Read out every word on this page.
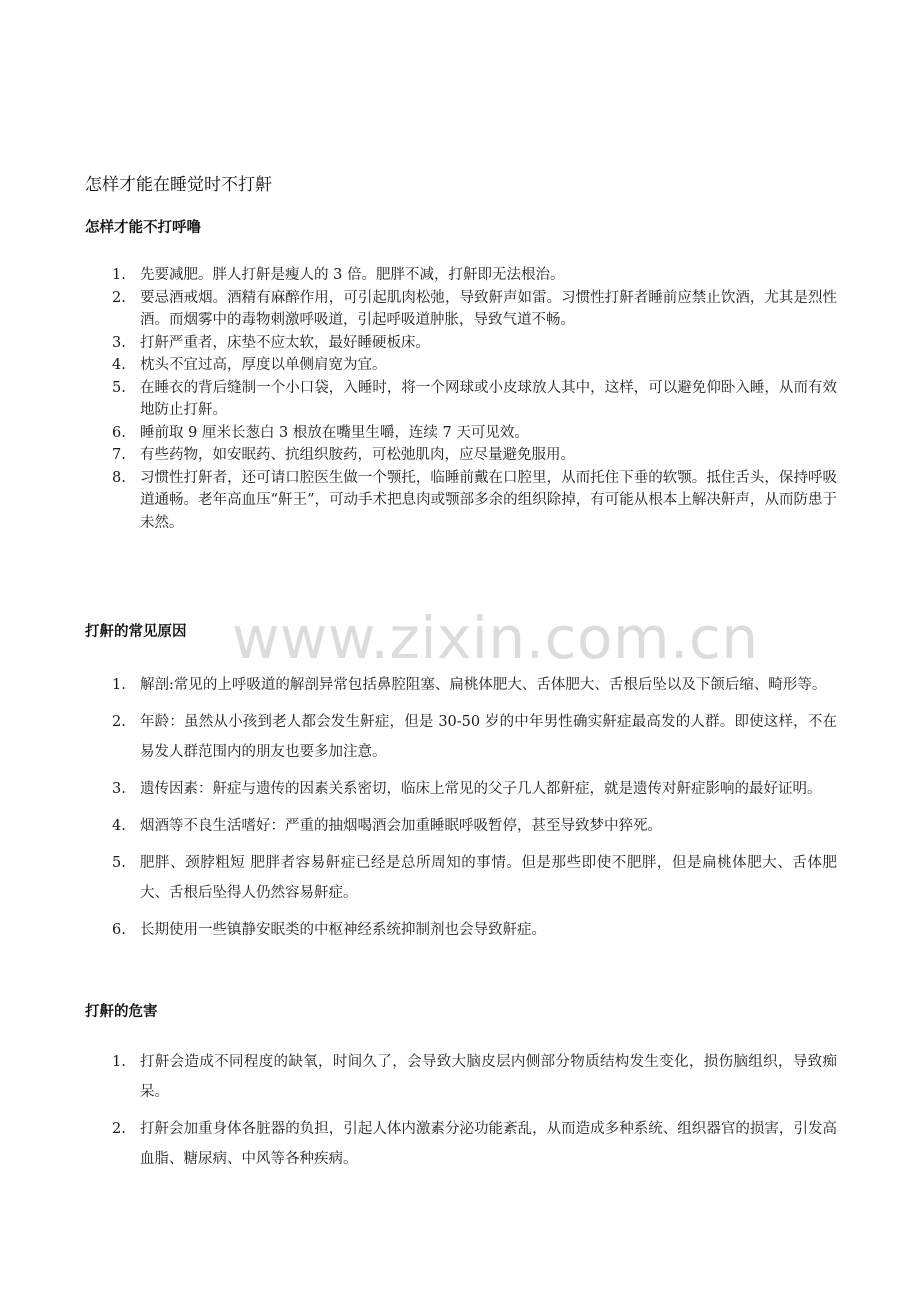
www.zixin.com.cn
怎样才能在睡觉时不打鼾
怎样才能不打呼噜
1. 先要减肥。胖人打鼾是瘦人的 3 倍。肥胖不减，打鼾即无法根治。
2. 要忌酒戒烟。酒精有麻醉作用，可引起肌肉松弛，导致鼾声如雷。习惯性打鼾者睡前应禁止饮酒，尤其是烈性酒。而烟雾中的毒物刺激呼吸道，引起呼吸道肿胀，导致气道不畅。
3. 打鼾严重者，床垫不应太软，最好睡硬板床。
4. 枕头不宜过高，厚度以单侧肩宽为宜。
5. 在睡衣的背后缝制一个小口袋，入睡时，将一个网球或小皮球放人其中，这样，可以避免仰卧入睡，从而有效地防止打鼾。
6. 睡前取 9 厘米长葱白 3 根放在嘴里生嚼，连续 7 天可见效。
7. 有些药物，如安眠药、抗组织胺药，可松弛肌肉，应尽量避免服用。
8. 习惯性打鼾者，还可请口腔医生做一个颚托，临睡前戴在口腔里，从而托住下垂的软颚。抵住舌头，保持呼吸道通畅。老年高血压“鼾王”，可动手术把息肉或颚部多余的组织除掉，有可能从根本上解决鼾声，从而防患于未然。
打鼾的常见原因
1. 解剖:常见的上呼吸道的解剖异常包括鼻腔阻塞、扁桃体肥大、舌体肥大、舌根后坠以及下颌后缩、畸形等。
2. 年龄：虽然从小孩到老人都会发生鼾症，但是 30-50 岁的中年男性确实鼾症最高发的人群。即使这样，不在易发人群范围内的朋友也要多加注意。
3. 遗传因素：鼾症与遗传的因素关系密切，临床上常见的父子几人都鼾症，就是遗传对鼾症影响的最好证明。
4. 烟酒等不良生活嗜好：严重的抽烟喝酒会加重睡眠呼吸暂停，甚至导致梦中猝死。
5. 肥胖、颈脖粗短 肥胖者容易鼾症已经是总所周知的事情。但是那些即使不肥胖，但是扁桃体肥大、舌体肥大、舌根后坠得人仍然容易鼾症。
6. 长期使用一些镇静安眠类的中枢神经系统抑制剂也会导致鼾症。
打鼾的危害
1. 打鼾会造成不同程度的缺氧，时间久了，会导致大脑皮层内侧部分物质结构发生变化，损伤脑组织，导致痴呆。
2. 打鼾会加重身体各脏器的负担，引起人体内激素分泌功能紊乱，从而造成多种系统、组织器官的损害，引发高血脂、糖尿病、中风等各种疾病。
